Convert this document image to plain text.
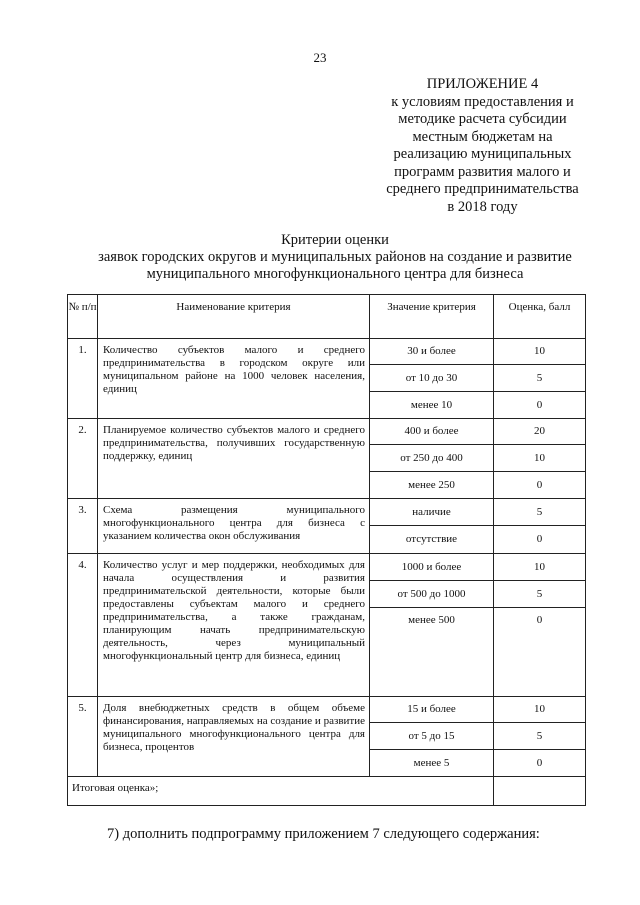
23
ПРИЛОЖЕНИЕ 4
к условиям предоставления и
методике расчета субсидии
местным бюджетам на
реализацию муниципальных
программ развития малого и
среднего предпринимательства
в 2018 году
Критерии оценки
заявок городских округов и муниципальных районов на создание и развитие
муниципального многофункционального центра для бизнеса
№ п/п	Наименование критерия	Значение критерия	Оценка, балл
1.	Количество субъектов малого и среднего предпринимательства в городском округе или муниципальном районе на 1000 человек населения, единиц	30 и более	10
		от 10 до 30	5
		менее 10	0
2.	Планируемое количество субъектов малого и среднего предпринимательства, получивших государственную поддержку, единиц	400 и более	20
		от 250 до 400	10
		менее 250	0
3.	Схема размещения муниципального многофункционального центра для бизнеса с указанием количества окон обслуживания	наличие	5
		отсутствие	0
4.	Количество услуг и мер поддержки, необходимых для начала осуществления и развития предпринимательской деятельности, которые были предоставлены субъектам малого и среднего предпринимательства, а также гражданам, планирующим начать предпринимательскую деятельность, через муниципальный многофункциональный центр для бизнеса, единиц	1000 и более	10
		от 500 до 1000	5
		менее 500	0
5.	Доля внебюджетных средств в общем объеме финансирования, направляемых на создание и развитие муниципального многофункционального центра для бизнеса, процентов	15 и более	10
		от 5 до 15	5
		менее 5	0
Итоговая оценка»;			
7) дополнить подпрограмму приложением 7 следующего содержания:
